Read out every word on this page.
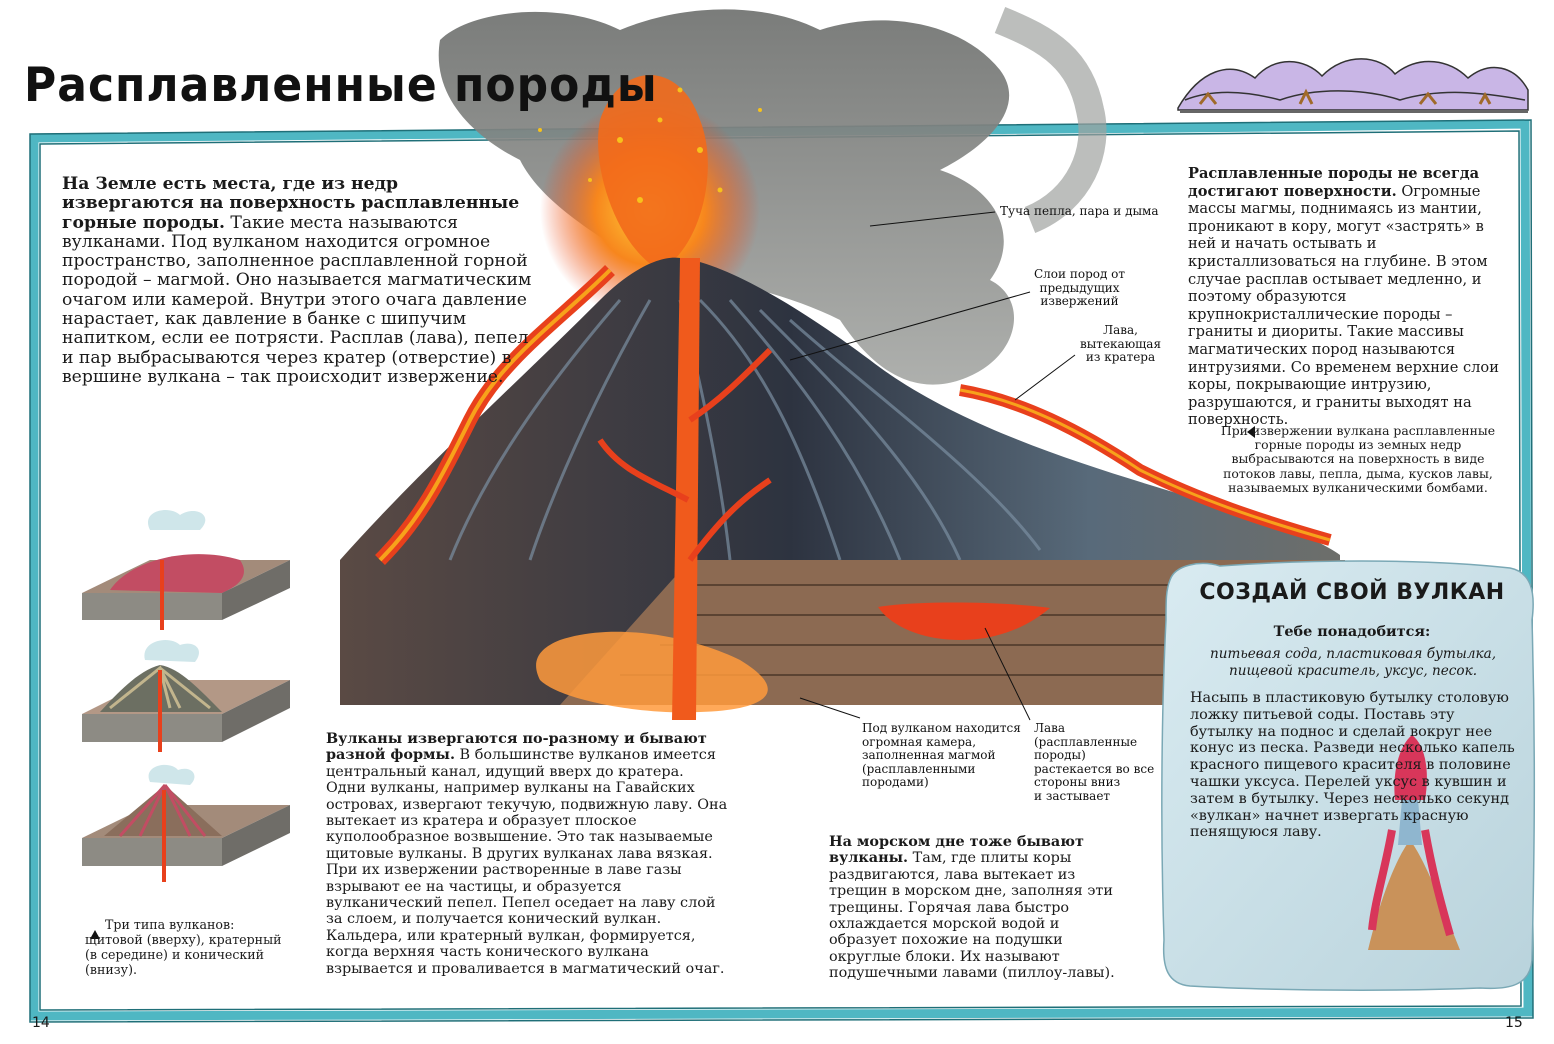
Расплавленные породы
На Земле есть места, где из недр извергаются на поверхность расплавленные горные породы. Такие места называются вулканами. Под вулканом находится огромное пространство, заполненное расплавленной горной породой – магмой. Оно называется магматическим очагом или камерой. Внутри этого очага давление нарастает, как давление в банке с шипучим напитком, если ее потрясти. Расплав (лава), пепел и пар выбрасываются через кратер (отверстие) в вершине вулкана – так происходит извержение.
Расплавленные породы не всегда достигают поверхности. Огромные массы магмы, поднимаясь из мантии, проникают в кору, могут «застрять» в ней и начать остывать и кристаллизоваться на глубине. В этом случае расплав остывает медленно, и поэтому образуются крупнокристаллические породы – граниты и диориты. Такие массивы магматических пород называются интрузиями. Со временем верхние слои коры, покрывающие интрузию, разрушаются, и граниты выходят на поверхность.
При извержении вулкана расплавленные горные породы из земных недр выбрасываются на поверхность в виде потоков лавы, пепла, дыма, кусков лавы, называемых вулканическими бомбами.
Туча пепла, пара и дыма
Слои пород от
предыдущих
извержений
Лава,
вытекающая
из кратера
Под вулканом находится
огромная камера,
заполненная магмой
(расплавленными
породами)
Лава
(расплавленные
породы)
растекается во все
стороны вниз
и застывает
Вулканы извергаются по-разному и бывают разной формы. В большинстве вулканов имеется центральный канал, идущий вверх до кратера. Одни вулканы, например вулканы на Гавайских островах, извергают текучую, подвижную лаву. Она вытекает из кратера и образует плоское куполообразное возвышение. Это так называемые щитовые вулканы. В других вулканах лава вязкая. При их извержении растворенные в лаве газы взрывают ее на частицы, и образуется вулканический пепел. Пепел оседает на лаву слой за слоем, и получается конический вулкан. Кальдера, или кратерный вулкан, формируется, когда верхняя часть конического вулкана взрывается и проваливается в магматический очаг.
Три типа вулканов: щитовой (вверху), кратерный (в середине) и конический (внизу).
На морском дне тоже бывают вулканы. Там, где плиты коры раздвигаются, лава вытекает из трещин в морском дне, заполняя эти трещины. Горячая лава быстро охлаждается морской водой и образует похожие на подушки округлые блоки. Их называют подушечными лавами (пиллоу-лавы).
СОЗДАЙ СВОЙ ВУЛКАН
Тебе понадобится:
питьевая сода, пластиковая бутылка, пищевой краситель, уксус, песок.
Насыпь в пластиковую бутылку столовую ложку питьевой соды. Поставь эту бутылку на поднос и сделай вокруг нее конус из песка. Разведи несколько капель красного пищевого красителя в половине чашки уксуса. Перелей уксус в кувшин и затем в бутылку. Через несколько секунд «вулкан» начнет извергать красную пенящуюся лаву.
14	15
